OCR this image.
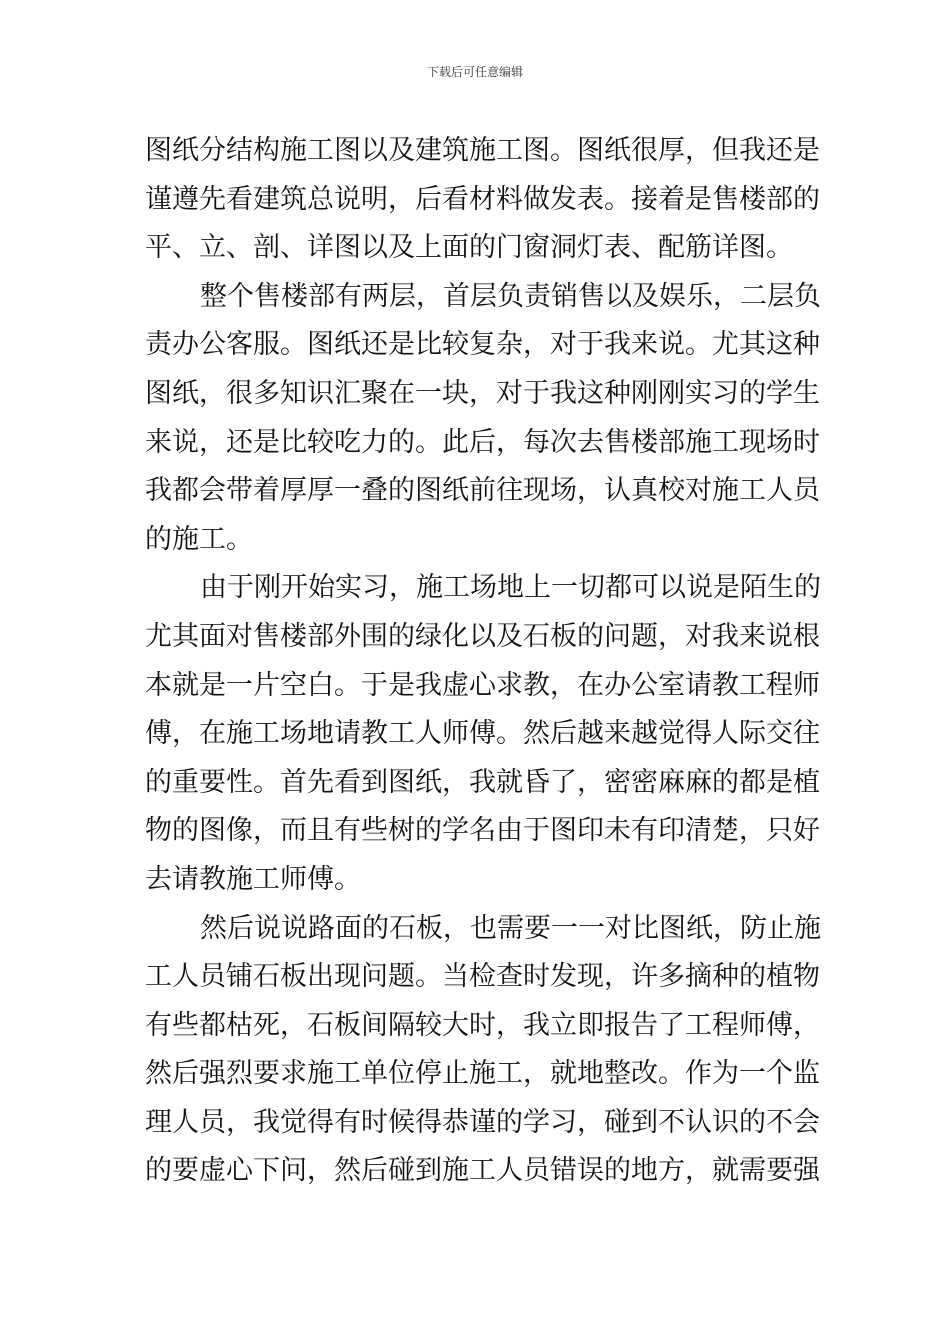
下载后可任意编辑
图纸分结构施工图以及建筑施工图。图纸很厚，但我还是
谨遵先看建筑总说明，后看材料做发表。接着是售楼部的
平、立、剖、详图以及上面的门窗洞灯表、配筋详图。
整个售楼部有两层，首层负责销售以及娱乐，二层负
责办公客服。图纸还是比较复杂，对于我来说。尤其这种
图纸，很多知识汇聚在一块，对于我这种刚刚实习的学生
来说，还是比较吃力的。此后，每次去售楼部施工现场时
我都会带着厚厚一叠的图纸前往现场，认真校对施工人员
的施工。
由于刚开始实习，施工场地上一切都可以说是陌生的
尤其面对售楼部外围的绿化以及石板的问题，对我来说根
本就是一片空白。于是我虚心求教，在办公室请教工程师
傅，在施工场地请教工人师傅。然后越来越觉得人际交往
的重要性。首先看到图纸，我就昏了，密密麻麻的都是植
物的图像，而且有些树的学名由于图印未有印清楚，只好
去请教施工师傅。
然后说说路面的石板，也需要一一对比图纸，防止施
工人员铺石板出现问题。当检查时发现，许多摘种的植物
有些都枯死，石板间隔较大时，我立即报告了工程师傅，
然后强烈要求施工单位停止施工，就地整改。作为一个监
理人员，我觉得有时候得恭谨的学习，碰到不认识的不会
的要虚心下问，然后碰到施工人员错误的地方，就需要强
